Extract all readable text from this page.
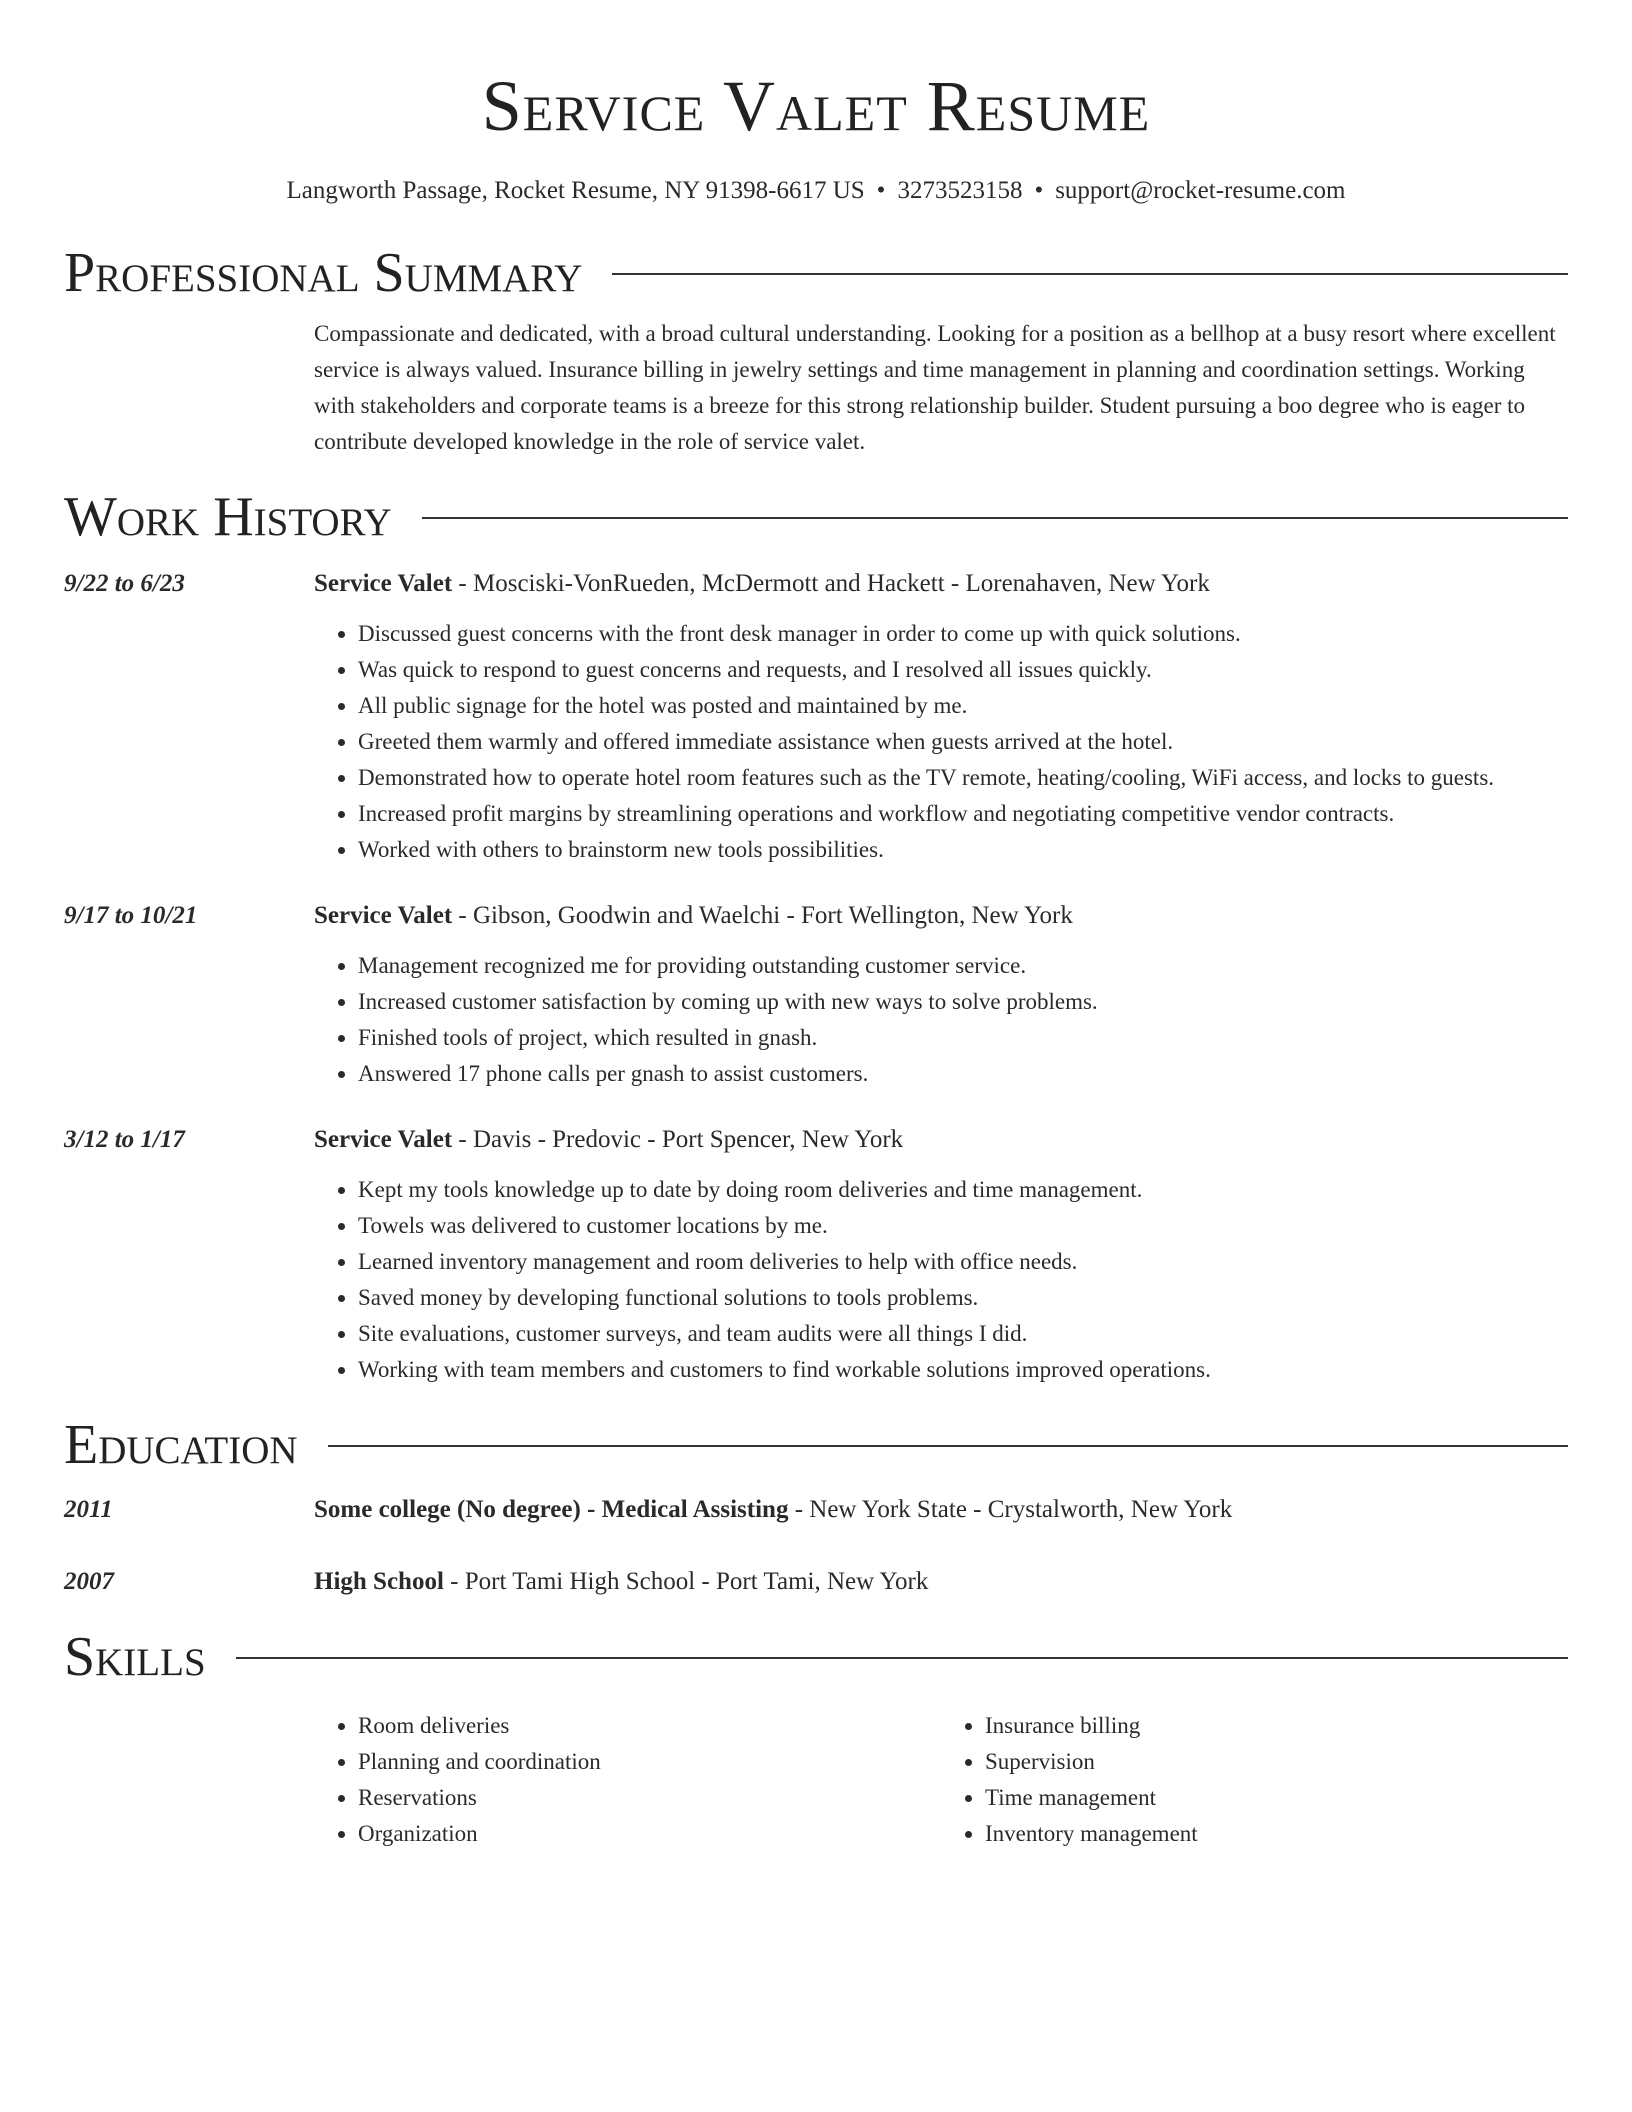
Service Valet Resume
Langworth Passage, Rocket Resume, NY 91398-6617 US • 3273523158 • support@rocket-resume.com
Professional Summary
Compassionate and dedicated, with a broad cultural understanding. Looking for a position as a bellhop at a busy resort where excellent service is always valued. Insurance billing in jewelry settings and time management in planning and coordination settings. Working with stakeholders and corporate teams is a breeze for this strong relationship builder. Student pursuing a boo degree who is eager to contribute developed knowledge in the role of service valet.
Work History
9/22 to 6/23	Service Valet - Mosciski-VonRueden, McDermott and Hackett - Lorenahaven, New York
• Discussed guest concerns with the front desk manager in order to come up with quick solutions.
• Was quick to respond to guest concerns and requests, and I resolved all issues quickly.
• All public signage for the hotel was posted and maintained by me.
• Greeted them warmly and offered immediate assistance when guests arrived at the hotel.
• Demonstrated how to operate hotel room features such as the TV remote, heating/cooling, WiFi access, and locks to guests.
• Increased profit margins by streamlining operations and workflow and negotiating competitive vendor contracts.
• Worked with others to brainstorm new tools possibilities.
9/17 to 10/21	Service Valet - Gibson, Goodwin and Waelchi - Fort Wellington, New York
• Management recognized me for providing outstanding customer service.
• Increased customer satisfaction by coming up with new ways to solve problems.
• Finished tools of project, which resulted in gnash.
• Answered 17 phone calls per gnash to assist customers.
3/12 to 1/17	Service Valet - Davis - Predovic - Port Spencer, New York
• Kept my tools knowledge up to date by doing room deliveries and time management.
• Towels was delivered to customer locations by me.
• Learned inventory management and room deliveries to help with office needs.
• Saved money by developing functional solutions to tools problems.
• Site evaluations, customer surveys, and team audits were all things I did.
• Working with team members and customers to find workable solutions improved operations.
Education
2011	Some college (No degree) - Medical Assisting - New York State - Crystalworth, New York
2007	High School - Port Tami High School - Port Tami, New York
Skills
• Room deliveries
• Planning and coordination
• Reservations
• Organization
• Insurance billing
• Supervision
• Time management
• Inventory management
